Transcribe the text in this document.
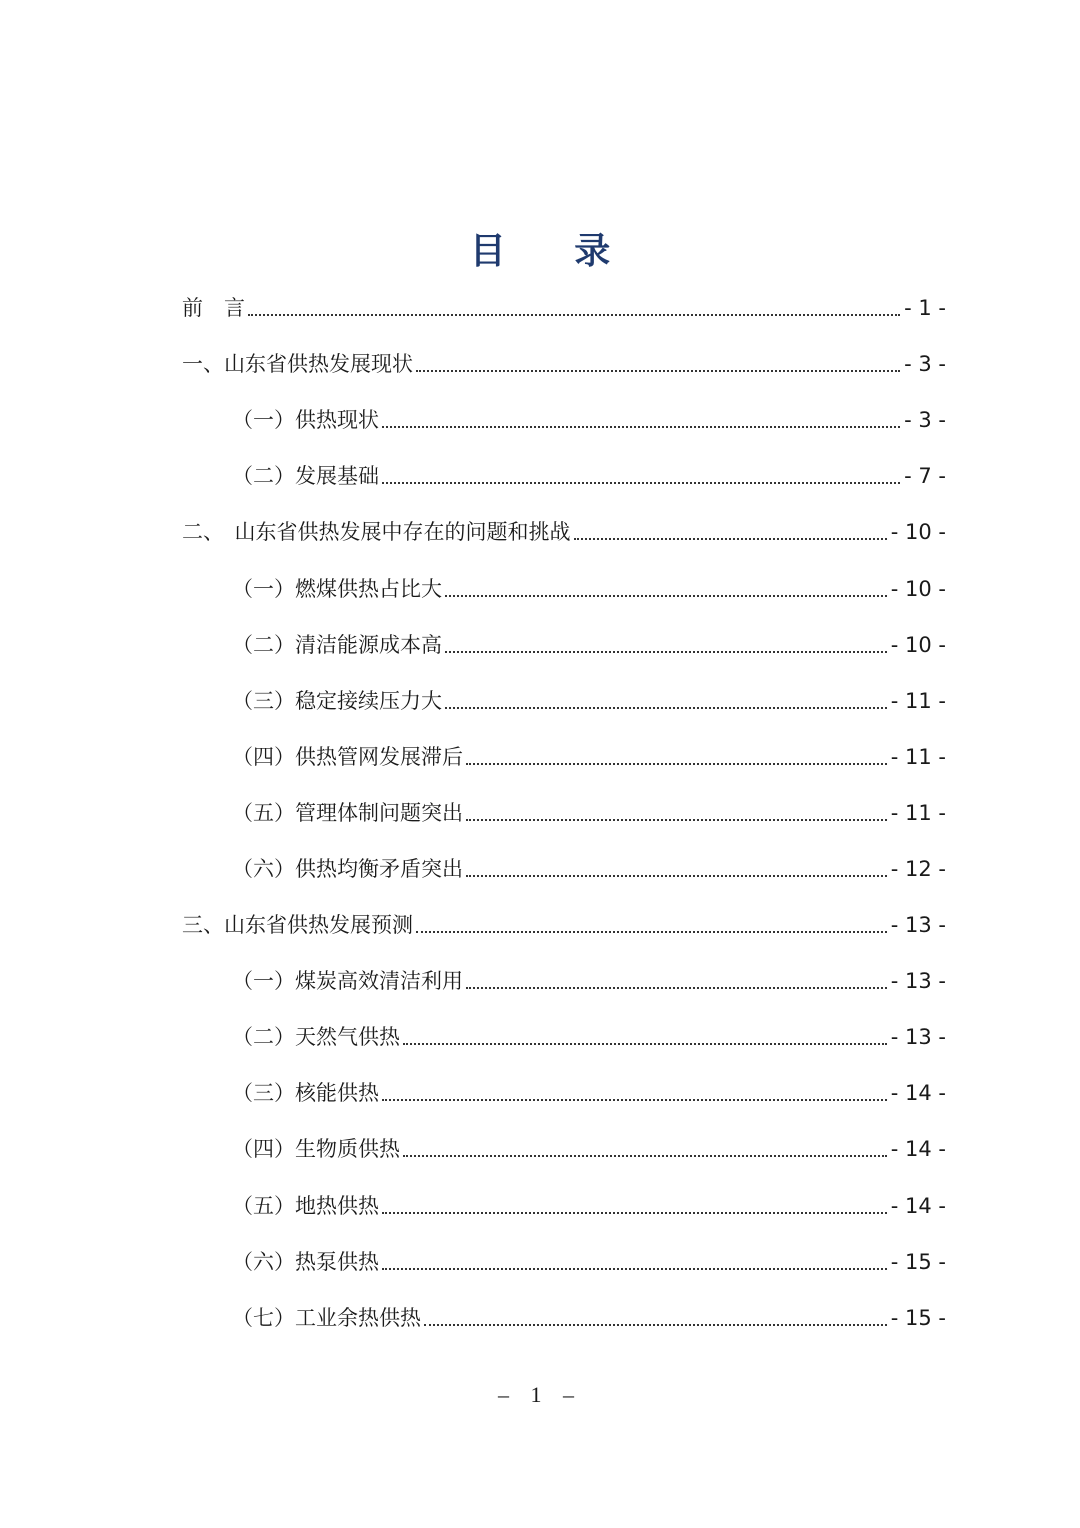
目 录
前　言	- 1 -
一、山东省供热发展现状	- 3 -
（一）供热现状	- 3 -
（二）发展基础	- 7 -
二、　山东省供热发展中存在的问题和挑战	- 10 -
（一）燃煤供热占比大	- 10 -
（二）清洁能源成本高	- 10 -
（三）稳定接续压力大	- 11 -
（四）供热管网发展滞后	- 11 -
（五）管理体制问题突出	- 11 -
（六）供热均衡矛盾突出	- 12 -
三、山东省供热发展预测	- 13 -
（一）煤炭高效清洁利用	- 13 -
（二）天然气供热	- 13 -
（三）核能供热	- 14 -
（四）生物质供热	- 14 -
（五）地热供热	- 14 -
（六）热泵供热	- 15 -
（七）工业余热供热	- 15 -
– 1 –
